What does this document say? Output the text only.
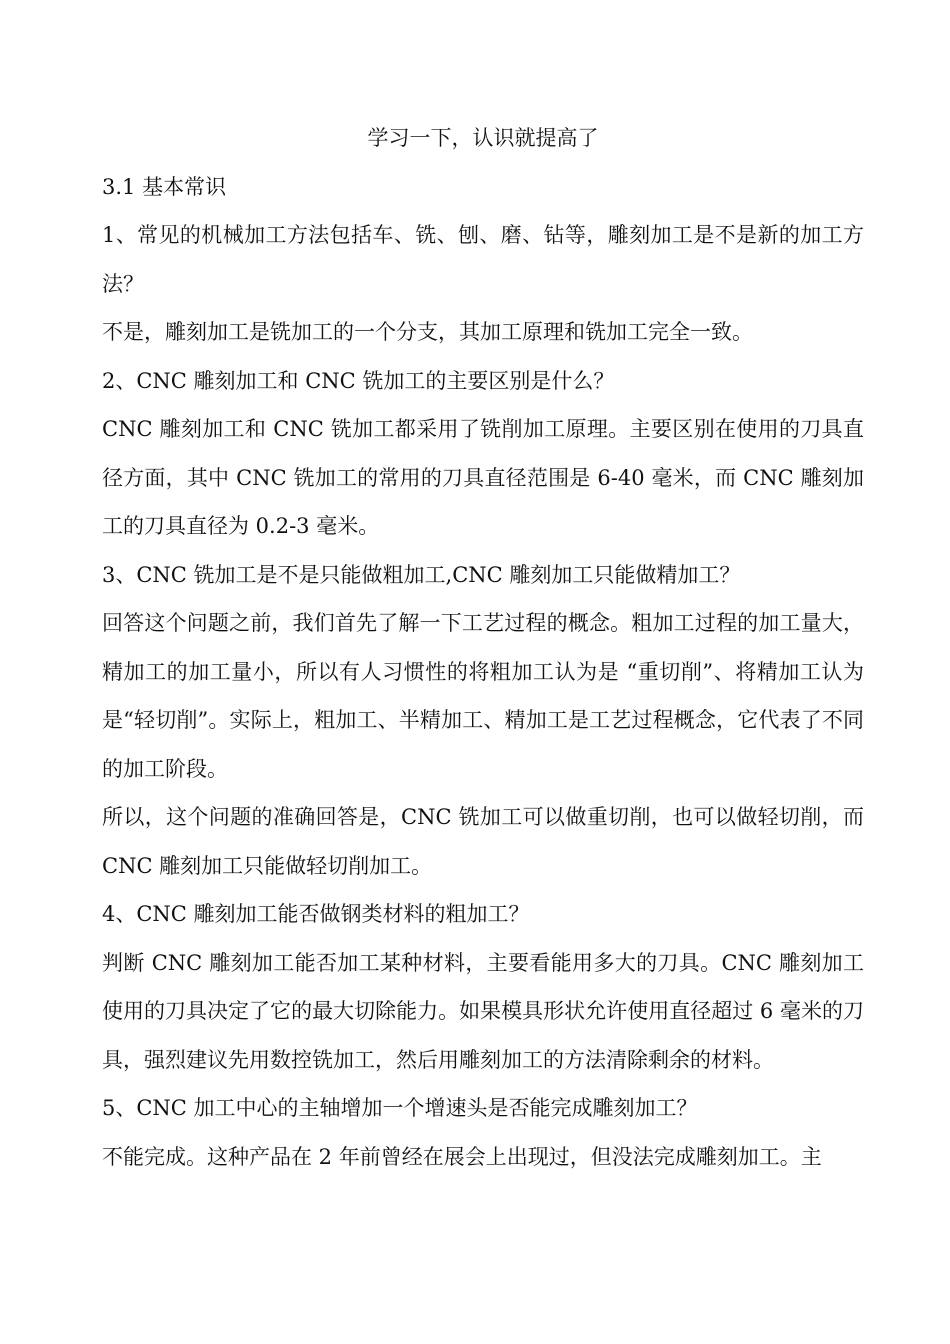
学习一下，认识就提高了

3.1 基本常识

1、常见的机械加工方法包括车、铣、刨、磨、钻等，雕刻加工是不是新的加工方法？

不是，雕刻加工是铣加工的一个分支，其加工原理和铣加工完全一致。

2、CNC 雕刻加工和 CNC 铣加工的主要区别是什么？

CNC 雕刻加工和 CNC 铣加工都采用了铣削加工原理。主要区别在使用的刀具直径方面，其中 CNC 铣加工的常用的刀具直径范围是 6-40 毫米，而 CNC 雕刻加工的刀具直径为 0.2-3 毫米。

3、CNC 铣加工是不是只能做粗加工,CNC 雕刻加工只能做精加工？

回答这个问题之前，我们首先了解一下工艺过程的概念。粗加工过程的加工量大，精加工的加工量小，所以有人习惯性的将粗加工认为是 “重切削”、将精加工认为是“轻切削”。实际上，粗加工、半精加工、精加工是工艺过程概念，它代表了不同的加工阶段。

所以，这个问题的准确回答是，CNC 铣加工可以做重切削，也可以做轻切削，而 CNC 雕刻加工只能做轻切削加工。

4、CNC 雕刻加工能否做钢类材料的粗加工？

判断 CNC 雕刻加工能否加工某种材料，主要看能用多大的刀具。CNC 雕刻加工使用的刀具决定了它的最大切除能力。如果模具形状允许使用直径超过 6 毫米的刀具，强烈建议先用数控铣加工，然后用雕刻加工的方法清除剩余的材料。

5、CNC 加工中心的主轴增加一个增速头是否能完成雕刻加工？

不能完成。这种产品在 2 年前曾经在展会上出现过，但没法完成雕刻加工。主
